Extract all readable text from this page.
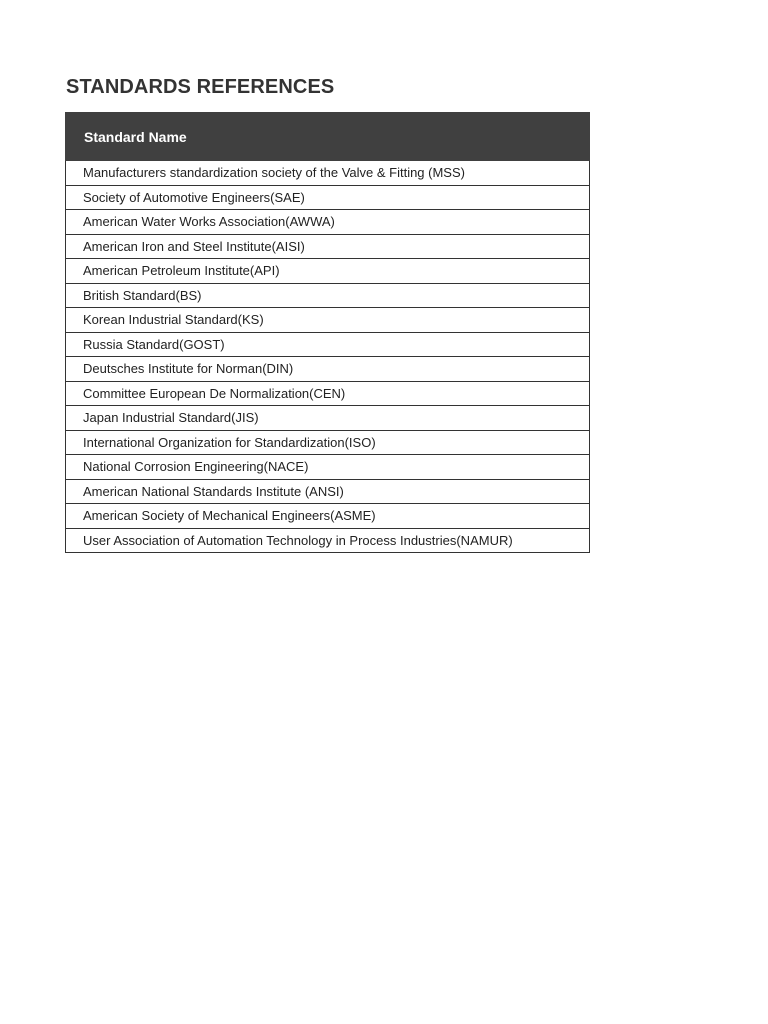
STANDARDS REFERENCES
Standard Name
Manufacturers standardization society of the Valve & Fitting (MSS)
Society of Automotive Engineers(SAE)
American Water Works Association(AWWA)
American Iron and Steel Institute(AISI)
American Petroleum Institute(API)
British Standard(BS)
Korean Industrial Standard(KS)
Russia Standard(GOST)
Deutsches Institute for Norman(DIN)
Committee European De Normalization(CEN)
Japan Industrial Standard(JIS)
International Organization for Standardization(ISO)
National Corrosion Engineering(NACE)
American National Standards Institute (ANSI)
American Society of Mechanical Engineers(ASME)
User Association of Automation Technology in Process Industries(NAMUR)
